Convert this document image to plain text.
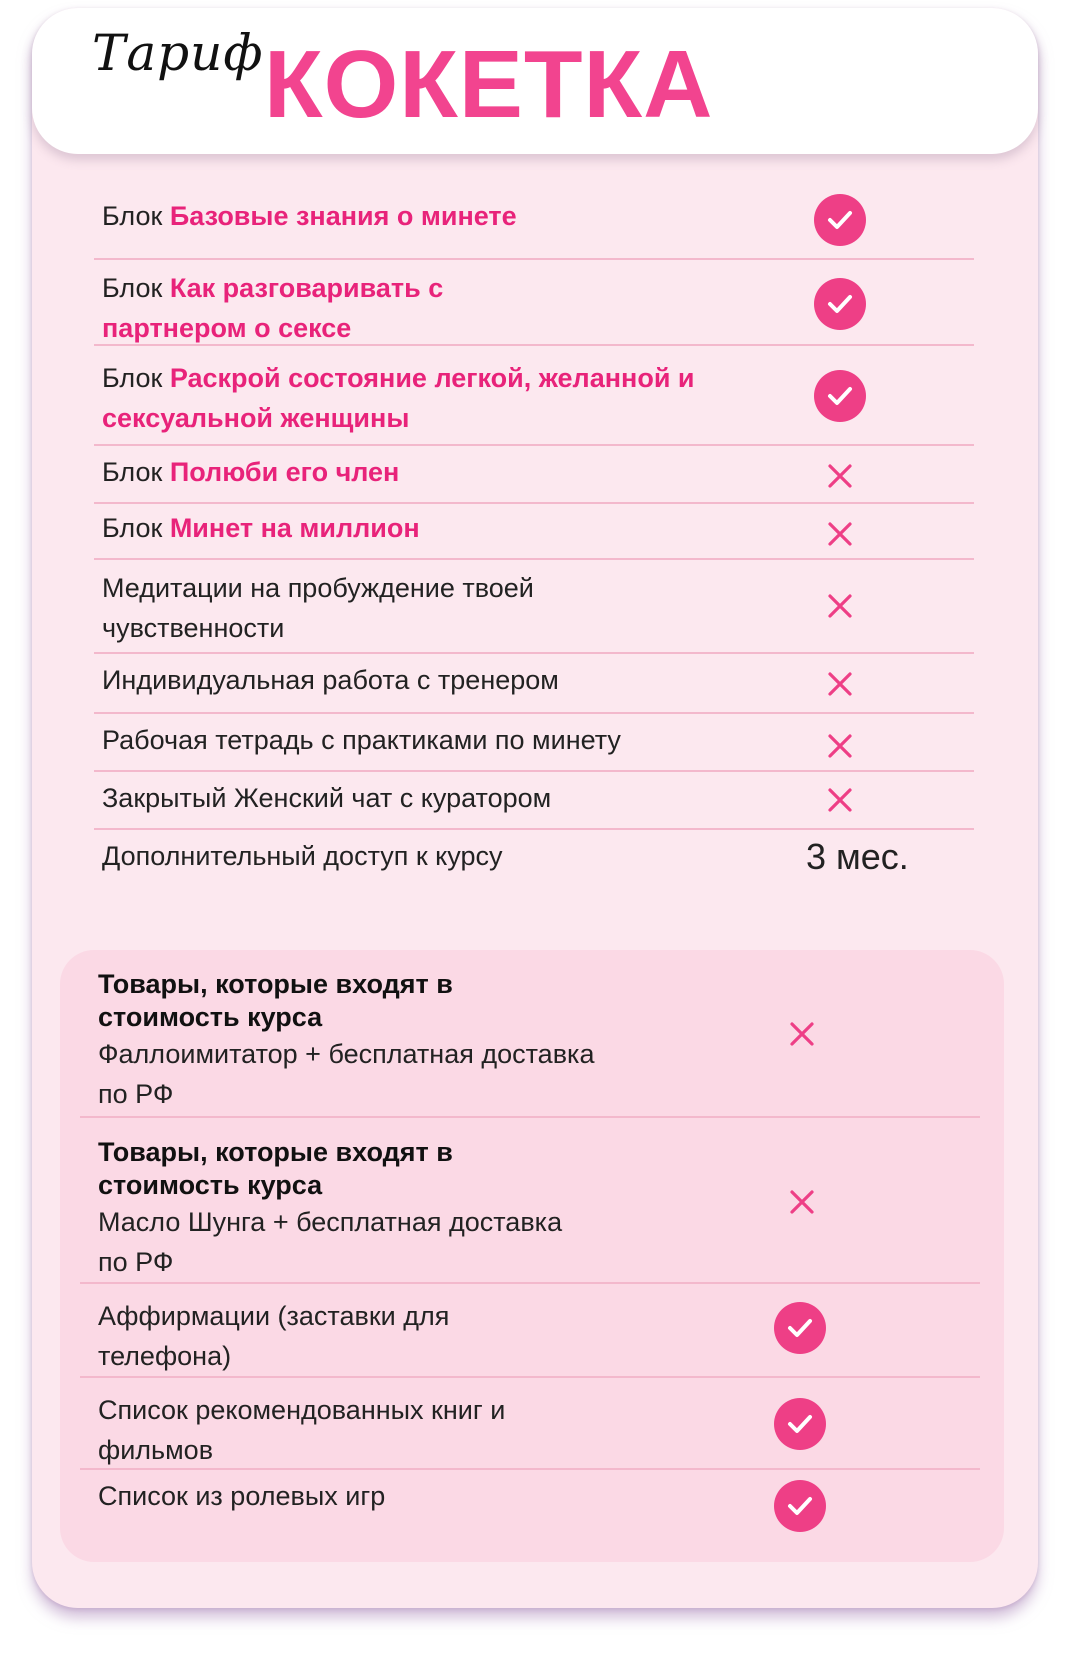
Тариф КОКЕТКА
Блок Базовые знания о минете
Блок Как разговаривать с партнером о сексе
Блок Раскрой состояние легкой, желанной и сексуальной женщины
Блок Полюби его член
Блок Минет на миллион
Медитации на пробуждение твоей чувственности
Индивидуальная работа с тренером
Рабочая тетрадь с практиками по минету
Закрытый Женский чат с куратором
Дополнительный доступ к курсу	3 мес.
Товары, которые входят в стоимость курса
Фаллоимитатор + бесплатная доставка по РФ
Товары, которые входят в стоимость курса
Масло Шунга + бесплатная доставка по РФ
Аффирмации (заставки для телефона)
Список рекомендованных книг и фильмов
Список из ролевых игр
